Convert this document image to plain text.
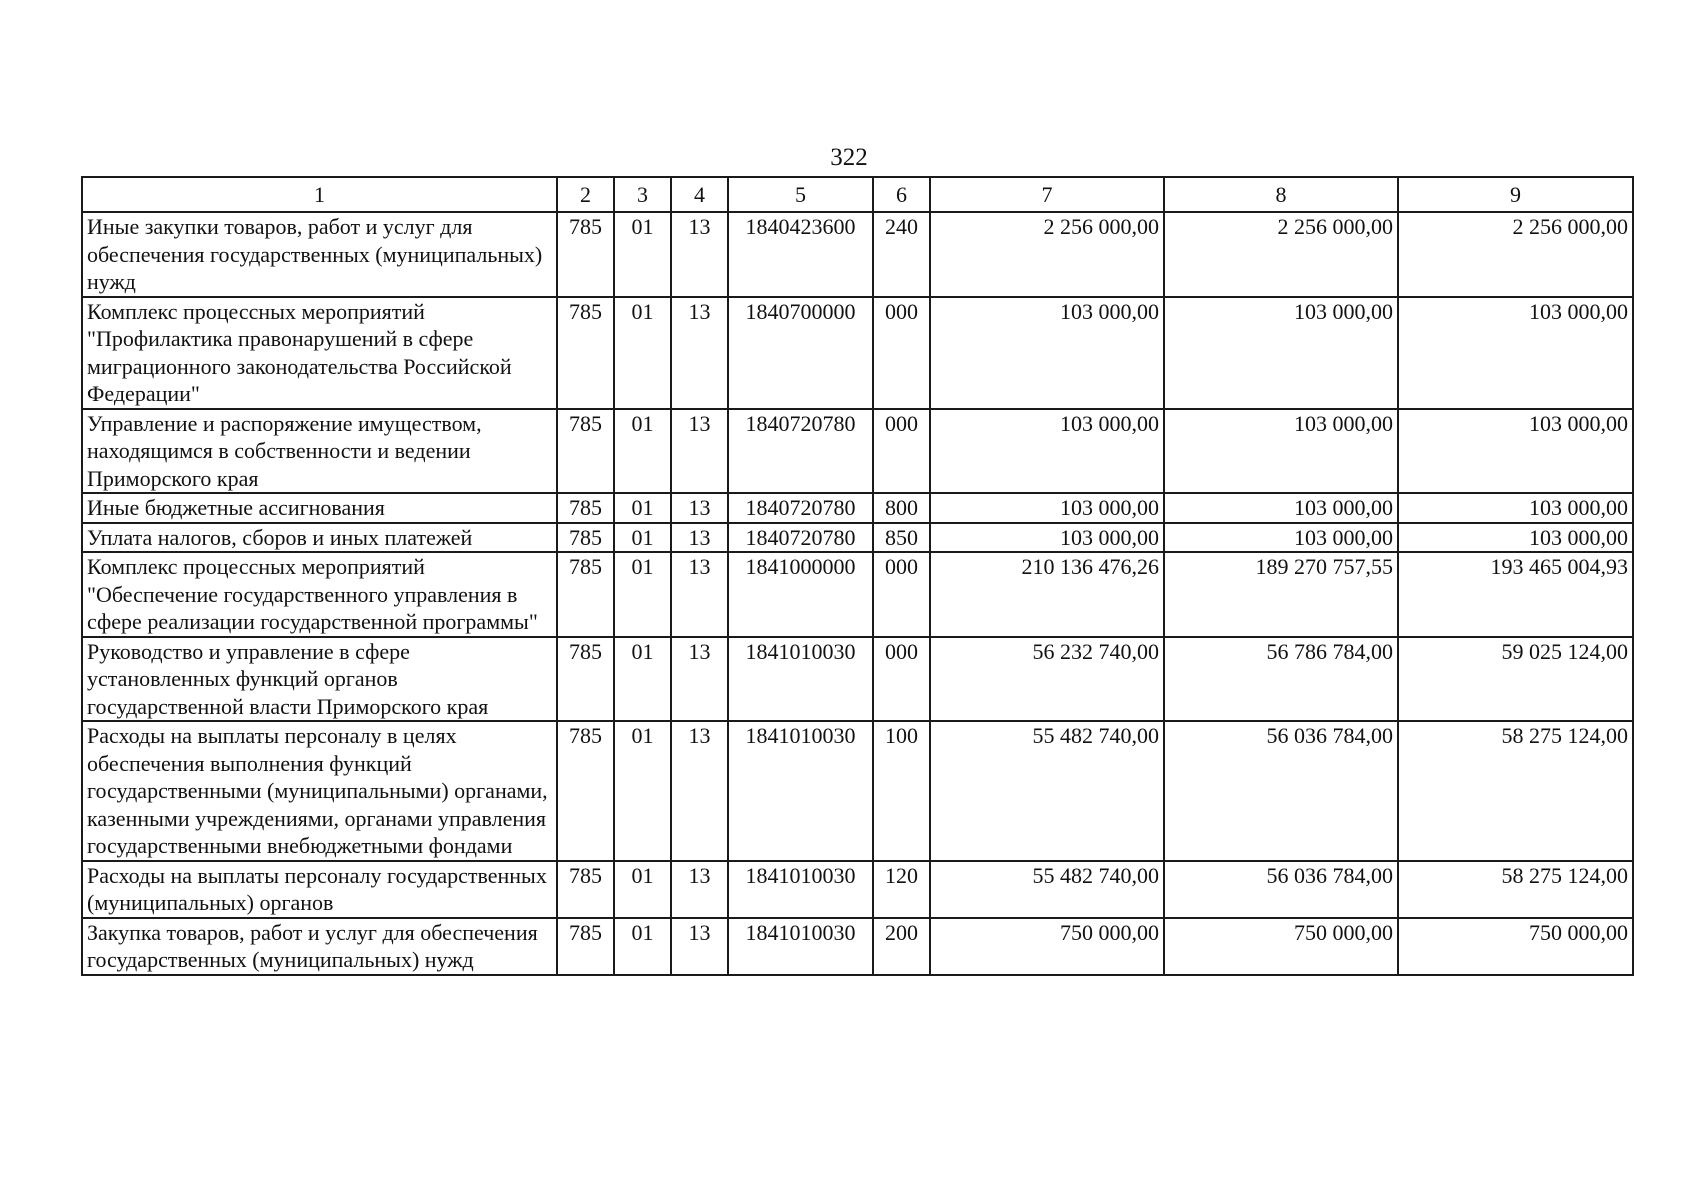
322
1	2	3	4	5	6	7	8	9
Иные закупки товаров, работ и услуг для обеспечения государственных (муниципальных) нужд	785	01	13	1840423600	240	2 256 000,00	2 256 000,00	2 256 000,00
Комплекс процессных мероприятий "Профилактика правонарушений в сфере миграционного законодательства Российской Федерации"	785	01	13	1840700000	000	103 000,00	103 000,00	103 000,00
Управление и распоряжение имуществом, находящимся в собственности и ведении Приморского края	785	01	13	1840720780	000	103 000,00	103 000,00	103 000,00
Иные бюджетные ассигнования	785	01	13	1840720780	800	103 000,00	103 000,00	103 000,00
Уплата налогов, сборов и иных платежей	785	01	13	1840720780	850	103 000,00	103 000,00	103 000,00
Комплекс процессных мероприятий "Обеспечение государственного управления в сфере реализации государственной программы"	785	01	13	1841000000	000	210 136 476,26	189 270 757,55	193 465 004,93
Руководство и управление в сфере установленных функций органов государственной власти Приморского края	785	01	13	1841010030	000	56 232 740,00	56 786 784,00	59 025 124,00
Расходы на выплаты персоналу в целях обеспечения выполнения функций государственными (муниципальными) органами, казенными учреждениями, органами управления государственными внебюджетными фондами	785	01	13	1841010030	100	55 482 740,00	56 036 784,00	58 275 124,00
Расходы на выплаты персоналу государственных (муниципальных) органов	785	01	13	1841010030	120	55 482 740,00	56 036 784,00	58 275 124,00
Закупка товаров, работ и услуг для обеспечения государственных (муниципальных) нужд	785	01	13	1841010030	200	750 000,00	750 000,00	750 000,00
